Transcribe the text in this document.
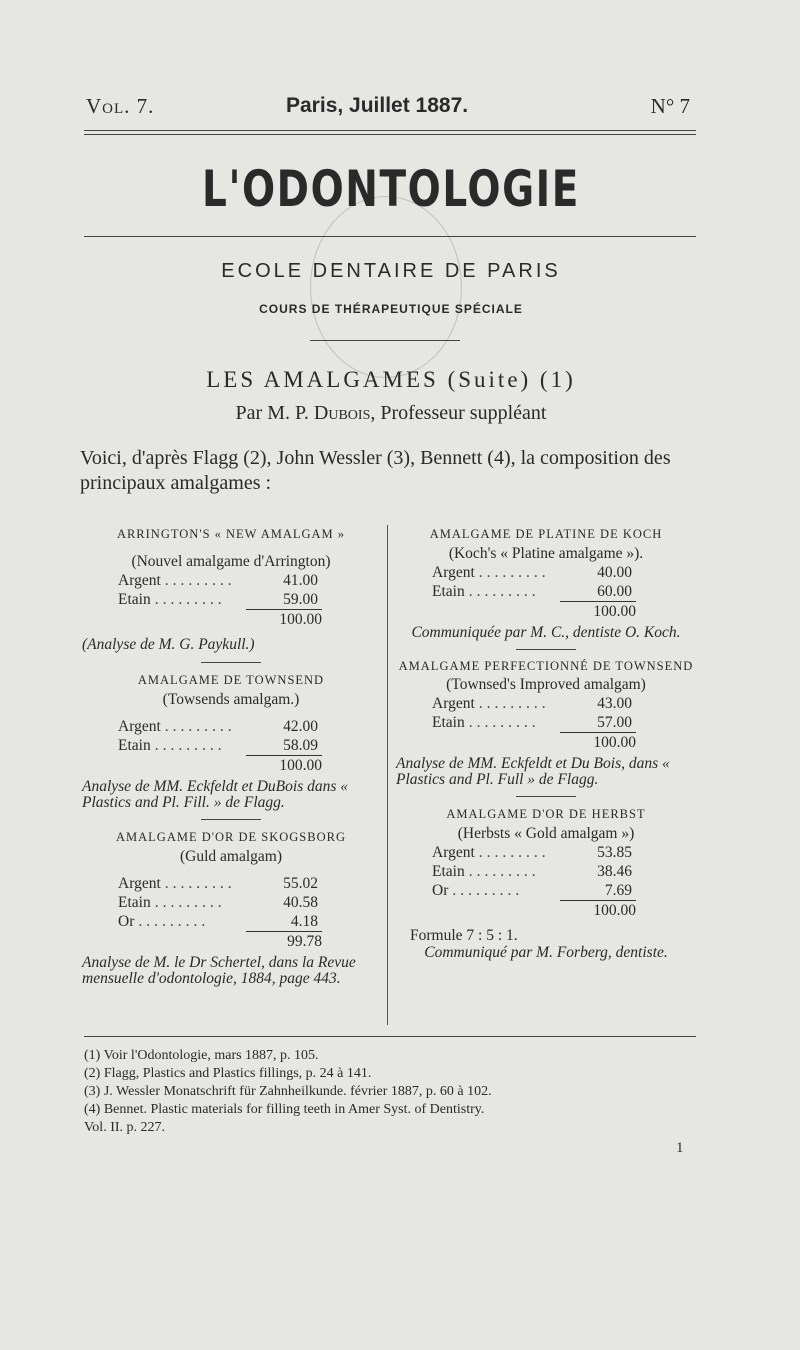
Vol. 7.	Paris, Juillet 1887.	N° 7
L'ODONTOLOGIE
ECOLE DENTAIRE DE PARIS
COURS DE THÉRAPEUTIQUE SPÉCIALE
LES AMALGAMES (Suite) (1)
Par M. P. Dubois, Professeur suppléant
Voici, d'après Flagg (2), John Wessler (3), Bennett (4), la composition des principaux amalgames :
ARRINGTON'S « NEW AMALGAM »
(Nouvel amalgame d'Arrington)
Argent .........	41.00
Etain .........	59.00
100.00
(Analyse de M. G. Paykull.)
AMALGAME DE TOWNSEND
(Towsends amalgam.)
Argent .........	42.00
Etain .........	58.09
100.00
Analyse de MM. Eckfeldt et DuBois dans « Plastics and Pl. Fill. » de Flagg.
AMALGAME D'OR DE SKOGSBORG
(Guld amalgam)
Argent .........	55.02
Etain .........	40.58
Or .........	4.18
99.78
Analyse de M. le Dr Schertel, dans la Revue mensuelle d'odontologie, 1884, page 443.
AMALGAME DE PLATINE DE KOCH
(Koch's « Platine amalgame »).
Argent .........	40.00
Etain .........	60.00
100.00
Communiquée par M. C., dentiste O. Koch.
AMALGAME PERFECTIONNÉ DE TOWNSEND
(Townsed's Improved amalgam)
Argent .........	43.00
Etain .........	57.00
100.00
Analyse de MM. Eckfeldt et Du Bois, dans « Plastics and Pl. Full » de Flagg.
AMALGAME D'OR DE HERBST
(Herbsts « Gold amalgam »)
Argent .........	53.85
Etain .........	38.46
Or .........	7.69
100.00
Formule 7 : 5 : 1.
Communiqué par M. Forberg, dentiste.
(1) Voir l'Odontologie, mars 1887, p. 105.
(2) Flagg, Plastics and Plastics fillings, p. 24 à 141.
(3) J. Wessler Monatschrift für Zahnheilkunde. février 1887, p. 60 à 102.
(4) Bennet. Plastic materials for filling teeth in Amer Syst. of Dentistry.
Vol. II. p. 227.
1
